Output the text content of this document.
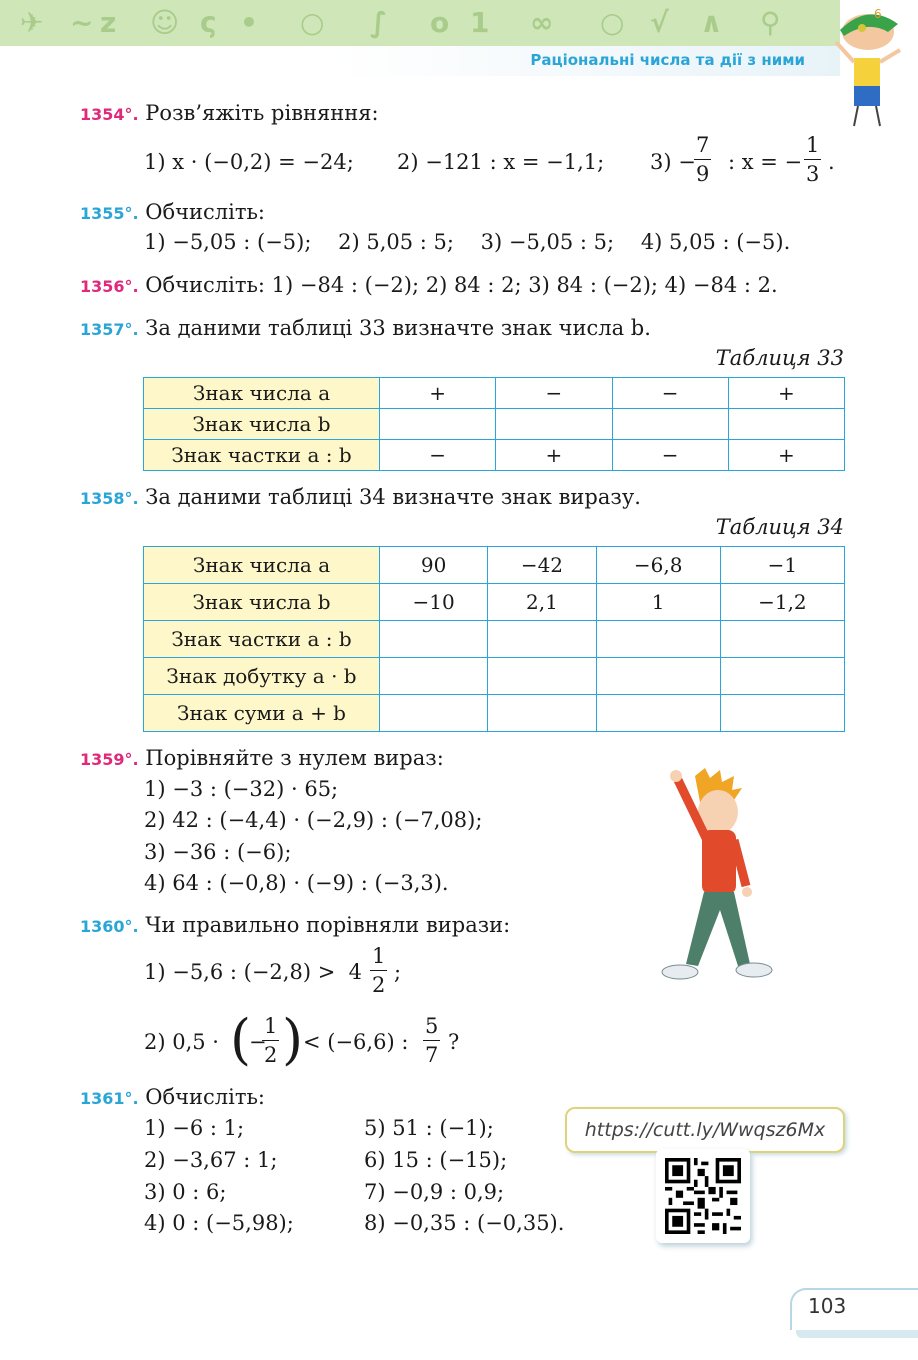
✈ ~ z ☺ ς • ○ ∫ o 1 ∞ ○ √ ∧ ⚲
Раціональні числа та дії з ними
6
1354°. Розв’яжіть рівняння:
1) x · (−0,2) = −24; 2) −121 : x = −1,1; 3) −
$\frac{7}{9}$ : x = − $\frac{1}{3}$ .
1355°. Обчисліть:
1) −5,05 : (−5);    2) 5,05 : 5;    3) −5,05 : 5;    4) 5,05 : (−5).
1356°. Обчисліть: 1) −84 : (−2); 2) 84 : 2; 3) 84 : (−2); 4) −84 : 2.
1357°. За даними таблиці 33 визначте знак числа b.
Таблиця 33
Знак числа a	+	−	−	+
Знак числа b				
Знак частки a : b	−	+	−	+
1358°. За даними таблиці 34 визначте знак виразу.
Таблиця 34
Знак числа a	90	−42	−6,8	−1
Знак числа b	−10	2,1	1	−1,2
Знак частки a : b				
Знак добутку a · b				
Знак суми a + b				
1359°. Порівняйте з нулем вираз:
1) −3 : (−32) · 65;
2) 42 : (−4,4) · (−2,9) : (−7,08);
3) −36 : (−6);
4) 64 : (−0,8) · (−9) : (−3,3).
1360°. Чи правильно порівняли вирази:
1) −5,6 : $(-2,8) > 4 \frac{1}{2}$ ;
2) 0,5 · (
−
$\frac{1}{2}$ ) < (−6,6) : $\frac{5}{7}$ ?
1361°. Обчисліть:
1) −6 : 1;
2) −3,67 : 1;
3) 0 : 6;
4) 0 : (−5,98);
5) 51 : (−1);
6) 15 : (−15);
7) −0,9 : 0,9;
8) −0,35 : (−0,35).
https://cutt.ly/Wwqsz6Mx
103
